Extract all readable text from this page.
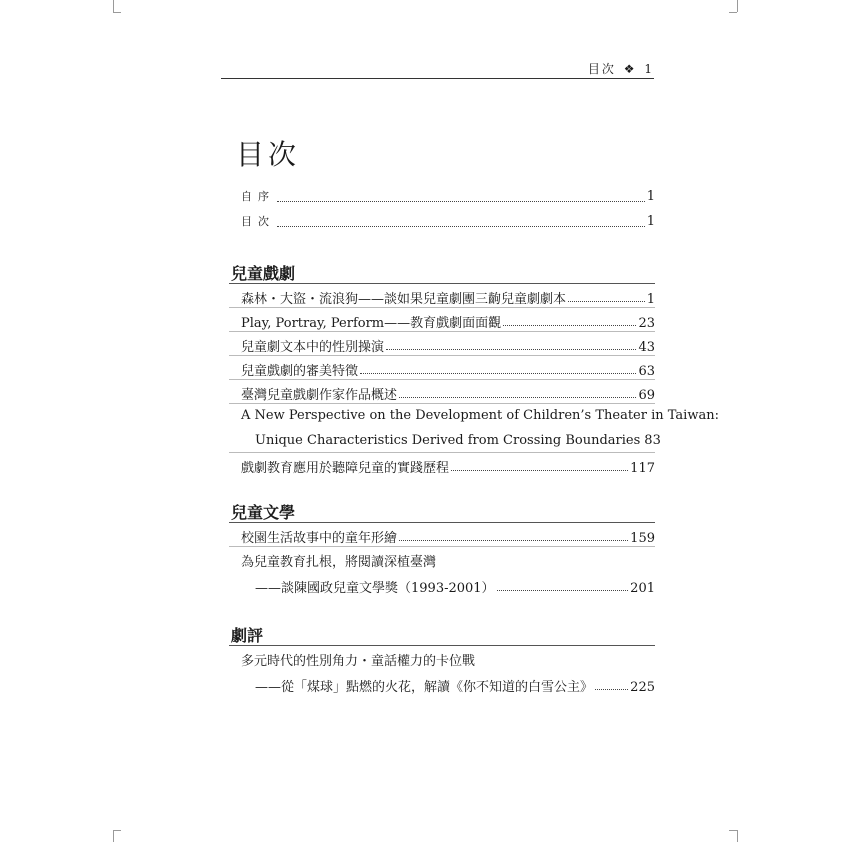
目次 ❖ 1
目次
自序	1
目次	1
兒童戲劇
森林・大盜・流浪狗——談如果兒童劇團三齣兒童劇劇本	1
Play, Portray, Perform——教育戲劇面面觀	23
兒童劇文本中的性別操演	43
兒童戲劇的審美特徵	63
臺灣兒童戲劇作家作品概述	69
A New Perspective on the Development of Children’s Theater in Taiwan:
Unique Characteristics Derived from Crossing Boundaries 83
戲劇教育應用於聽障兒童的實踐歷程	117
兒童文學
校園生活故事中的童年形繪	159
為兒童教育扎根，將閱讀深植臺灣
——談陳國政兒童文學獎（1993-2001）	201
劇評
多元時代的性別角力・童話權力的卡位戰
——從「煤球」點燃的火花，解讀《你不知道的白雪公主》	225
